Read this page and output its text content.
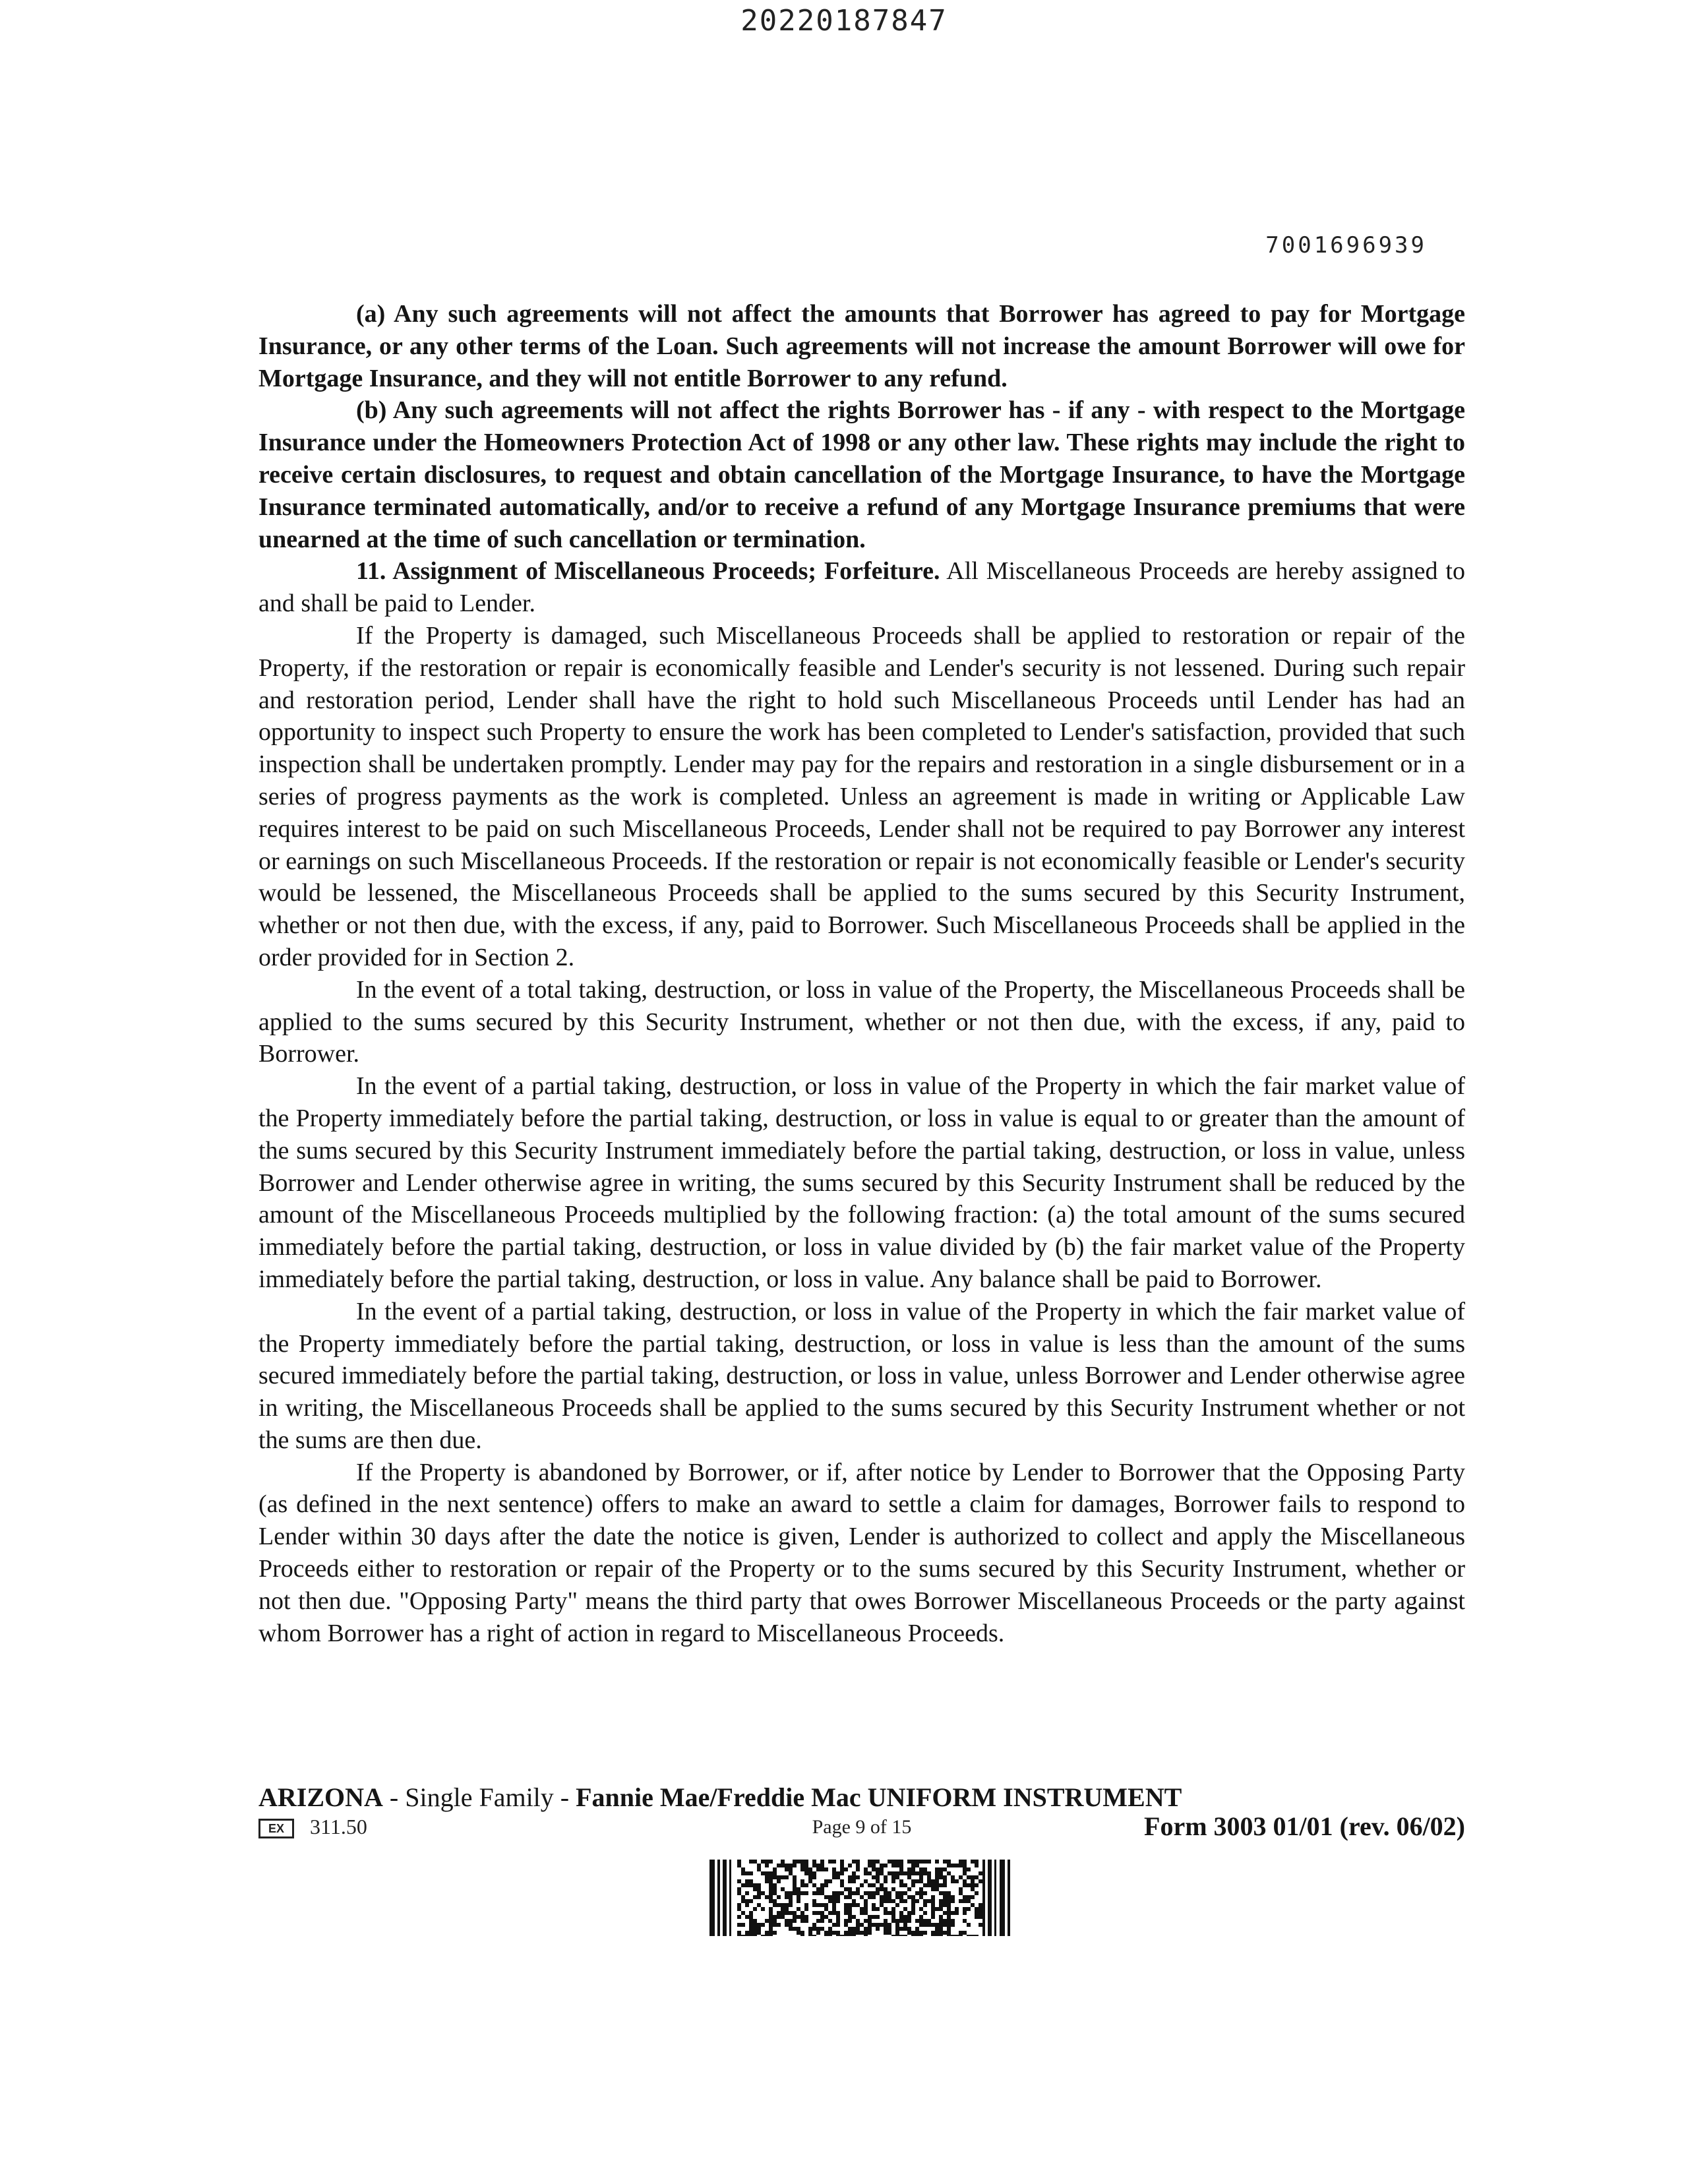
20220187847
7001696939

(a) Any such agreements will not affect the amounts that Borrower has agreed to pay for Mortgage Insurance, or any other terms of the Loan. Such agreements will not increase the amount Borrower will owe for Mortgage Insurance, and they will not entitle Borrower to any refund.

(b) Any such agreements will not affect the rights Borrower has - if any - with respect to the Mortgage Insurance under the Homeowners Protection Act of 1998 or any other law. These rights may include the right to receive certain disclosures, to request and obtain cancellation of the Mortgage Insurance, to have the Mortgage Insurance terminated automatically, and/or to receive a refund of any Mortgage Insurance premiums that were unearned at the time of such cancellation or termination.

11. Assignment of Miscellaneous Proceeds; Forfeiture. All Miscellaneous Proceeds are hereby assigned to and shall be paid to Lender.

If the Property is damaged, such Miscellaneous Proceeds shall be applied to restoration or repair of the Property, if the restoration or repair is economically feasible and Lender's security is not lessened. During such repair and restoration period, Lender shall have the right to hold such Miscellaneous Proceeds until Lender has had an opportunity to inspect such Property to ensure the work has been completed to Lender's satisfaction, provided that such inspection shall be undertaken promptly. Lender may pay for the repairs and restoration in a single disbursement or in a series of progress payments as the work is completed. Unless an agreement is made in writing or Applicable Law requires interest to be paid on such Miscellaneous Proceeds, Lender shall not be required to pay Borrower any interest or earnings on such Miscellaneous Proceeds. If the restoration or repair is not economically feasible or Lender's security would be lessened, the Miscellaneous Proceeds shall be applied to the sums secured by this Security Instrument, whether or not then due, with the excess, if any, paid to Borrower. Such Miscellaneous Proceeds shall be applied in the order provided for in Section 2.

In the event of a total taking, destruction, or loss in value of the Property, the Miscellaneous Proceeds shall be applied to the sums secured by this Security Instrument, whether or not then due, with the excess, if any, paid to Borrower.

In the event of a partial taking, destruction, or loss in value of the Property in which the fair market value of the Property immediately before the partial taking, destruction, or loss in value is equal to or greater than the amount of the sums secured by this Security Instrument immediately before the partial taking, destruction, or loss in value, unless Borrower and Lender otherwise agree in writing, the sums secured by this Security Instrument shall be reduced by the amount of the Miscellaneous Proceeds multiplied by the following fraction: (a) the total amount of the sums secured immediately before the partial taking, destruction, or loss in value divided by (b) the fair market value of the Property immediately before the partial taking, destruction, or loss in value. Any balance shall be paid to Borrower.

In the event of a partial taking, destruction, or loss in value of the Property in which the fair market value of the Property immediately before the partial taking, destruction, or loss in value is less than the amount of the sums secured immediately before the partial taking, destruction, or loss in value, unless Borrower and Lender otherwise agree in writing, the Miscellaneous Proceeds shall be applied to the sums secured by this Security Instrument whether or not the sums are then due.

If the Property is abandoned by Borrower, or if, after notice by Lender to Borrower that the Opposing Party (as defined in the next sentence) offers to make an award to settle a claim for damages, Borrower fails to respond to Lender within 30 days after the date the notice is given, Lender is authorized to collect and apply the Miscellaneous Proceeds either to restoration or repair of the Property or to the sums secured by this Security Instrument, whether or not then due. "Opposing Party" means the third party that owes Borrower Miscellaneous Proceeds or the party against whom Borrower has a right of action in regard to Miscellaneous Proceeds.

ARIZONA - Single Family - Fannie Mae/Freddie Mac UNIFORM INSTRUMENT
EX	311.50	Page 9 of 15	Form 3003 01/01 (rev. 06/02)
